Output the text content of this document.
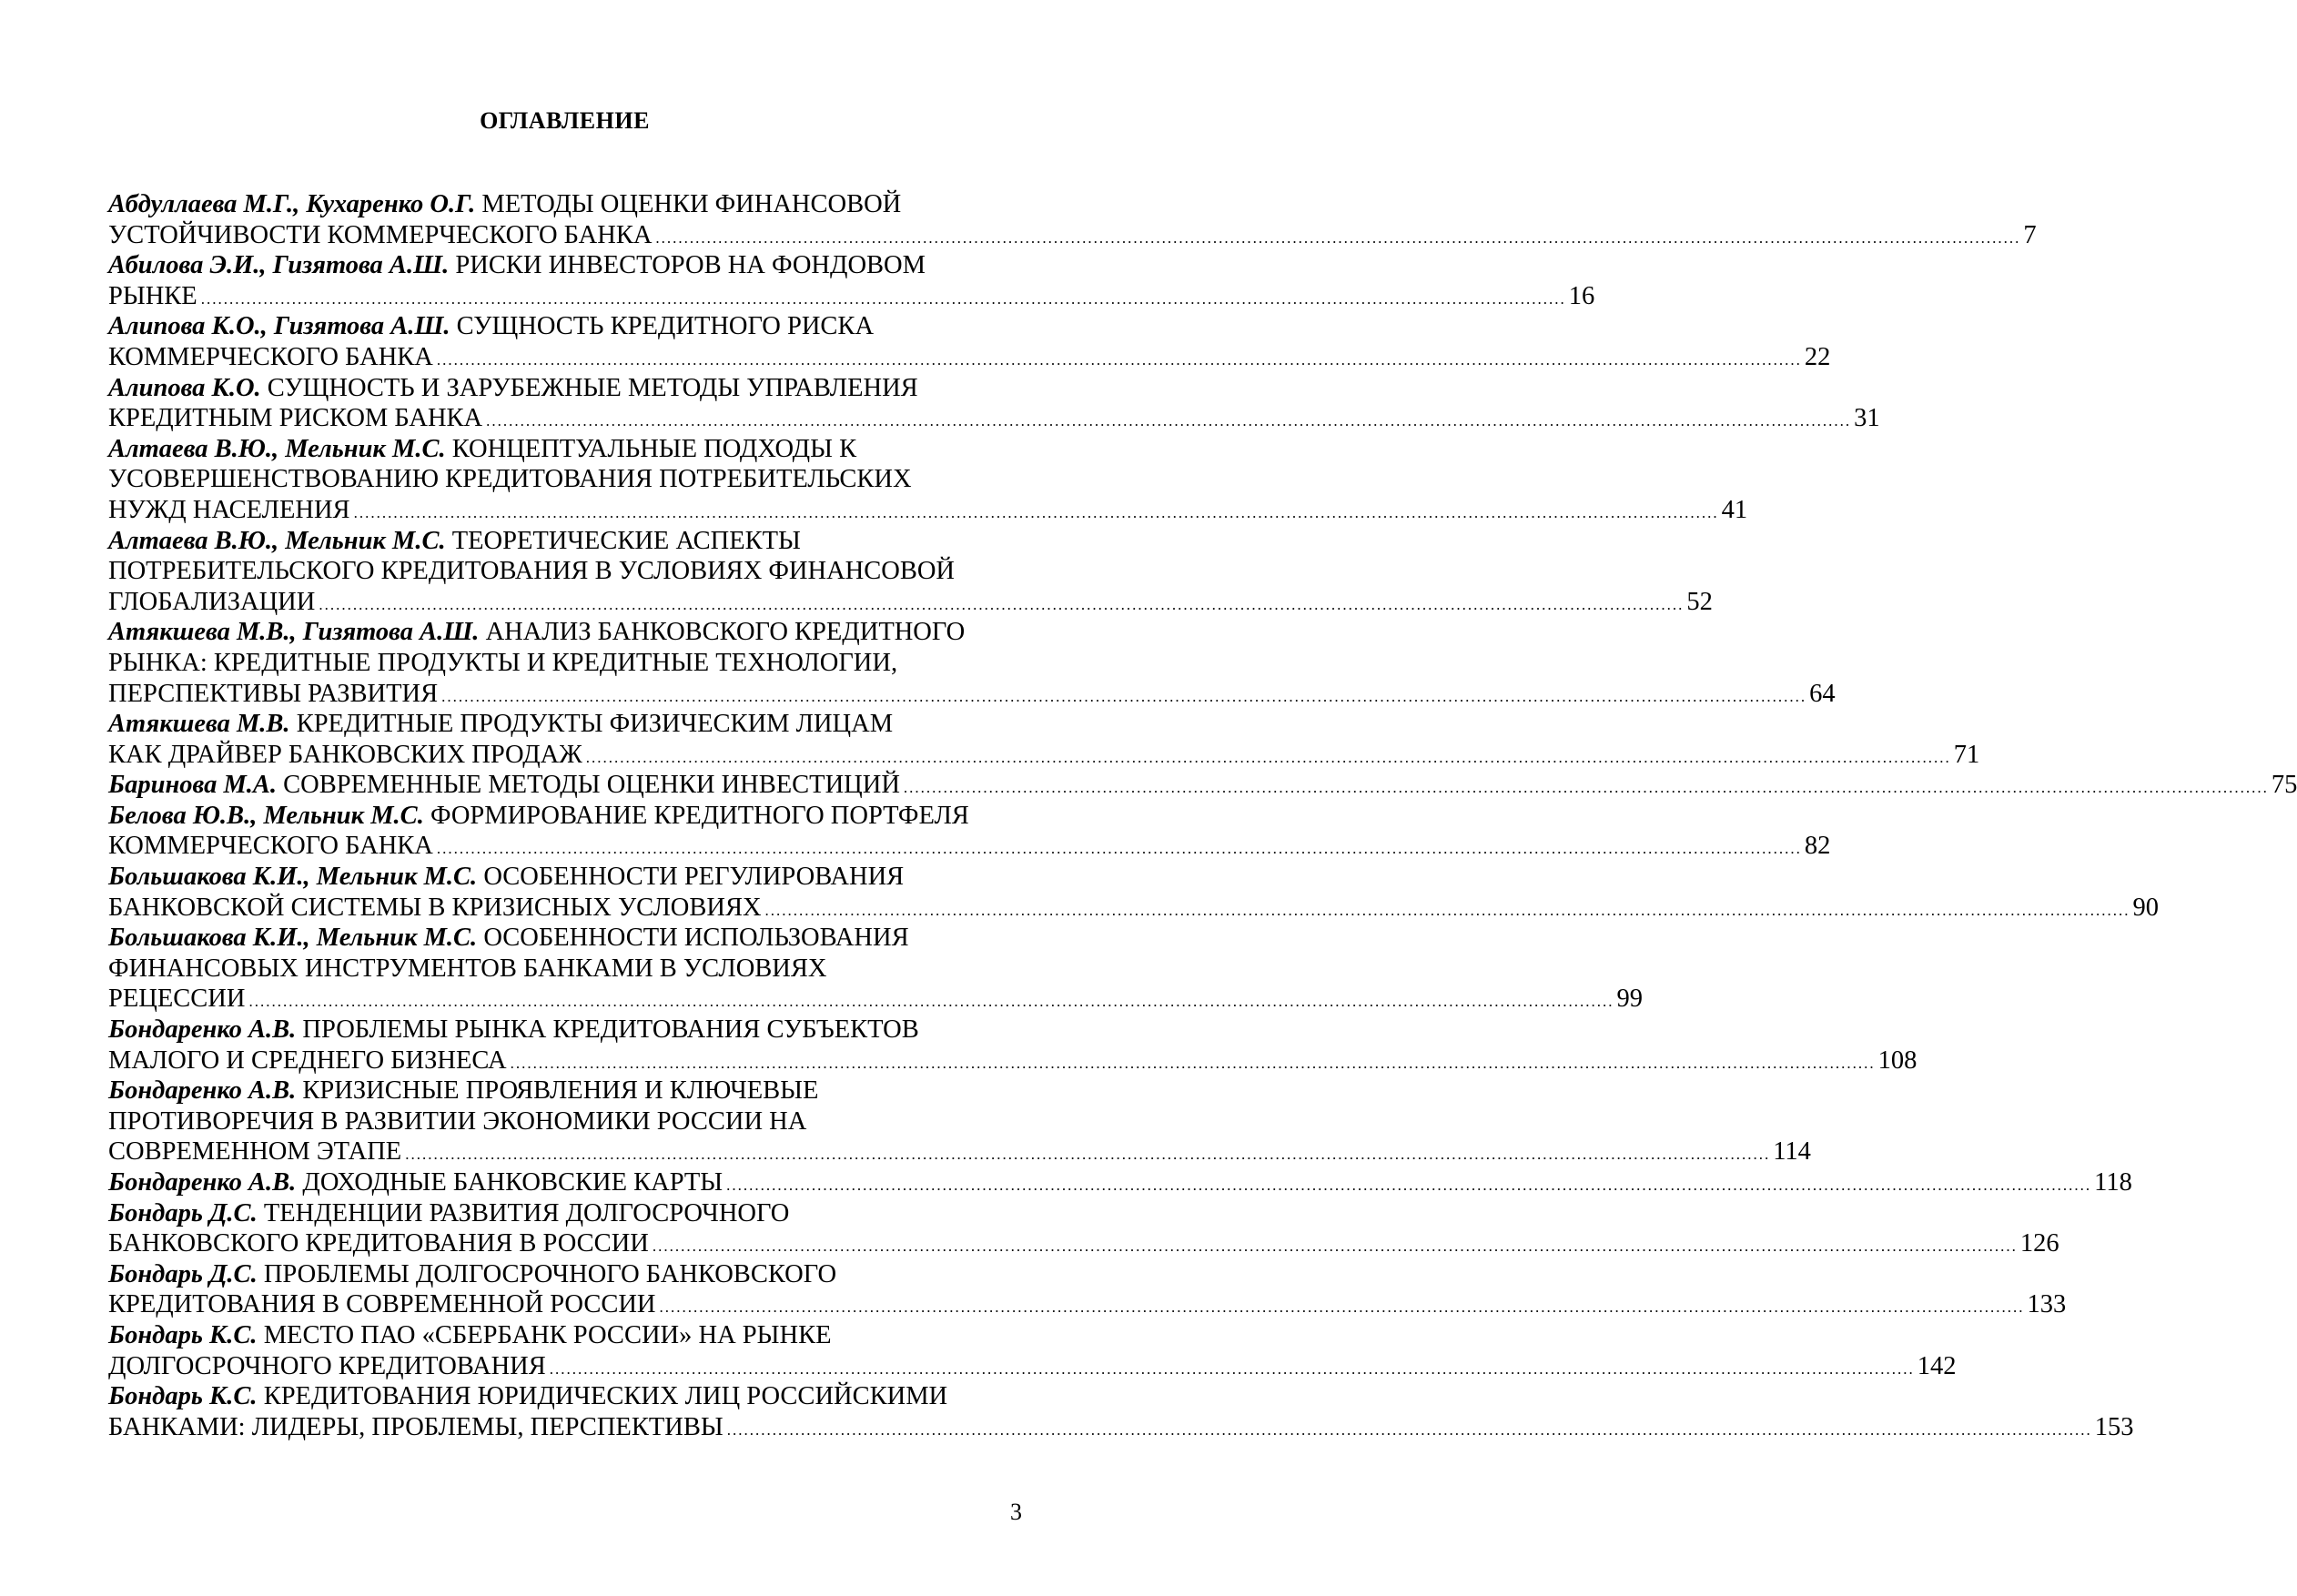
ОГЛАВЛЕНИЕ
Абдуллаева М.Г., Кухаренко О.Г. МЕТОДЫ ОЦЕНКИ ФИНАНСОВОЙ
УСТОЙЧИВОСТИ КОММЕРЧЕСКОГО БАНКА ................................................................................................................................................................................................................................................ 7
Абилова Э.И., Гизятова А.Ш. РИСКИ ИНВЕСТОРОВ НА ФОНДОВОМ
РЫНКЕ ................................................................................................................................................................................................................................................ 16
Алипова К.О., Гизятова А.Ш. СУЩНОСТЬ КРЕДИТНОГО РИСКА
КОММЕРЧЕСКОГО БАНКА ................................................................................................................................................................................................................................................ 22
Алипова К.О. СУЩНОСТЬ И ЗАРУБЕЖНЫЕ МЕТОДЫ УПРАВЛЕНИЯ
КРЕДИТНЫМ РИСКОМ БАНКА ................................................................................................................................................................................................................................................ 31
Алтаева В.Ю., Мельник М.С. КОНЦЕПТУАЛЬНЫЕ ПОДХОДЫ К
УСОВЕРШЕНСТВОВАНИЮ КРЕДИТОВАНИЯ ПОТРЕБИТЕЛЬСКИХ
НУЖД НАСЕЛЕНИЯ ................................................................................................................................................................................................................................................ 41
Алтаева В.Ю., Мельник М.С. ТЕОРЕТИЧЕСКИЕ АСПЕКТЫ
ПОТРЕБИТЕЛЬСКОГО КРЕДИТОВАНИЯ В УСЛОВИЯХ ФИНАНСОВОЙ
ГЛОБАЛИЗАЦИИ ................................................................................................................................................................................................................................................ 52
Атякшева М.В., Гизятова А.Ш. АНАЛИЗ БАНКОВСКОГО КРЕДИТНОГО
РЫНКА: КРЕДИТНЫЕ ПРОДУКТЫ И КРЕДИТНЫЕ ТЕХНОЛОГИИ,
ПЕРСПЕКТИВЫ РАЗВИТИЯ ................................................................................................................................................................................................................................................ 64
Атякшева М.В. КРЕДИТНЫЕ ПРОДУКТЫ ФИЗИЧЕСКИМ ЛИЦАМ
КАК ДРАЙВЕР БАНКОВСКИХ ПРОДАЖ ................................................................................................................................................................................................................................................ 71
Баринова М.А. СОВРЕМЕННЫЕ МЕТОДЫ ОЦЕНКИ ИНВЕСТИЦИЙ ................................................................................................................................................................................................................................................ 75
Белова Ю.В., Мельник М.С. ФОРМИРОВАНИЕ КРЕДИТНОГО ПОРТФЕЛЯ
КОММЕРЧЕСКОГО БАНКА ................................................................................................................................................................................................................................................ 82
Большакова К.И., Мельник М.С. ОСОБЕННОСТИ РЕГУЛИРОВАНИЯ
БАНКОВСКОЙ СИСТЕМЫ В КРИЗИСНЫХ УСЛОВИЯХ ................................................................................................................................................................................................................................................ 90
Большакова К.И., Мельник М.С. ОСОБЕННОСТИ ИСПОЛЬЗОВАНИЯ
ФИНАНСОВЫХ ИНСТРУМЕНТОВ БАНКАМИ В УСЛОВИЯХ
РЕЦЕССИИ ................................................................................................................................................................................................................................................ 99
Бондаренко А.В. ПРОБЛЕМЫ РЫНКА КРЕДИТОВАНИЯ СУБЪЕКТОВ
МАЛОГО И СРЕДНЕГО БИЗНЕСА ................................................................................................................................................................................................................................................ 108
Бондаренко А.В. КРИЗИСНЫЕ ПРОЯВЛЕНИЯ И КЛЮЧЕВЫЕ
ПРОТИВОРЕЧИЯ В РАЗВИТИИ ЭКОНОМИКИ РОССИИ НА
СОВРЕМЕННОМ ЭТАПЕ ................................................................................................................................................................................................................................................ 114
Бондаренко А.В. ДОХОДНЫЕ БАНКОВСКИЕ КАРТЫ ................................................................................................................................................................................................................................................ 118
Бондарь Д.С. ТЕНДЕНЦИИ РАЗВИТИЯ ДОЛГОСРОЧНОГО
БАНКОВСКОГО КРЕДИТОВАНИЯ В РОССИИ ................................................................................................................................................................................................................................................ 126
Бондарь Д.С. ПРОБЛЕМЫ ДОЛГОСРОЧНОГО БАНКОВСКОГО
КРЕДИТОВАНИЯ В СОВРЕМЕННОЙ РОССИИ ................................................................................................................................................................................................................................................ 133
Бондарь К.С. МЕСТО ПАО «СБЕРБАНК РОССИИ» НА РЫНКЕ
ДОЛГОСРОЧНОГО КРЕДИТОВАНИЯ ................................................................................................................................................................................................................................................ 142
Бондарь К.С. КРЕДИТОВАНИЯ ЮРИДИЧЕСКИХ ЛИЦ РОССИЙСКИМИ
БАНКАМИ: ЛИДЕРЫ, ПРОБЛЕМЫ, ПЕРСПЕКТИВЫ ................................................................................................................................................................................................................................................ 153
3
